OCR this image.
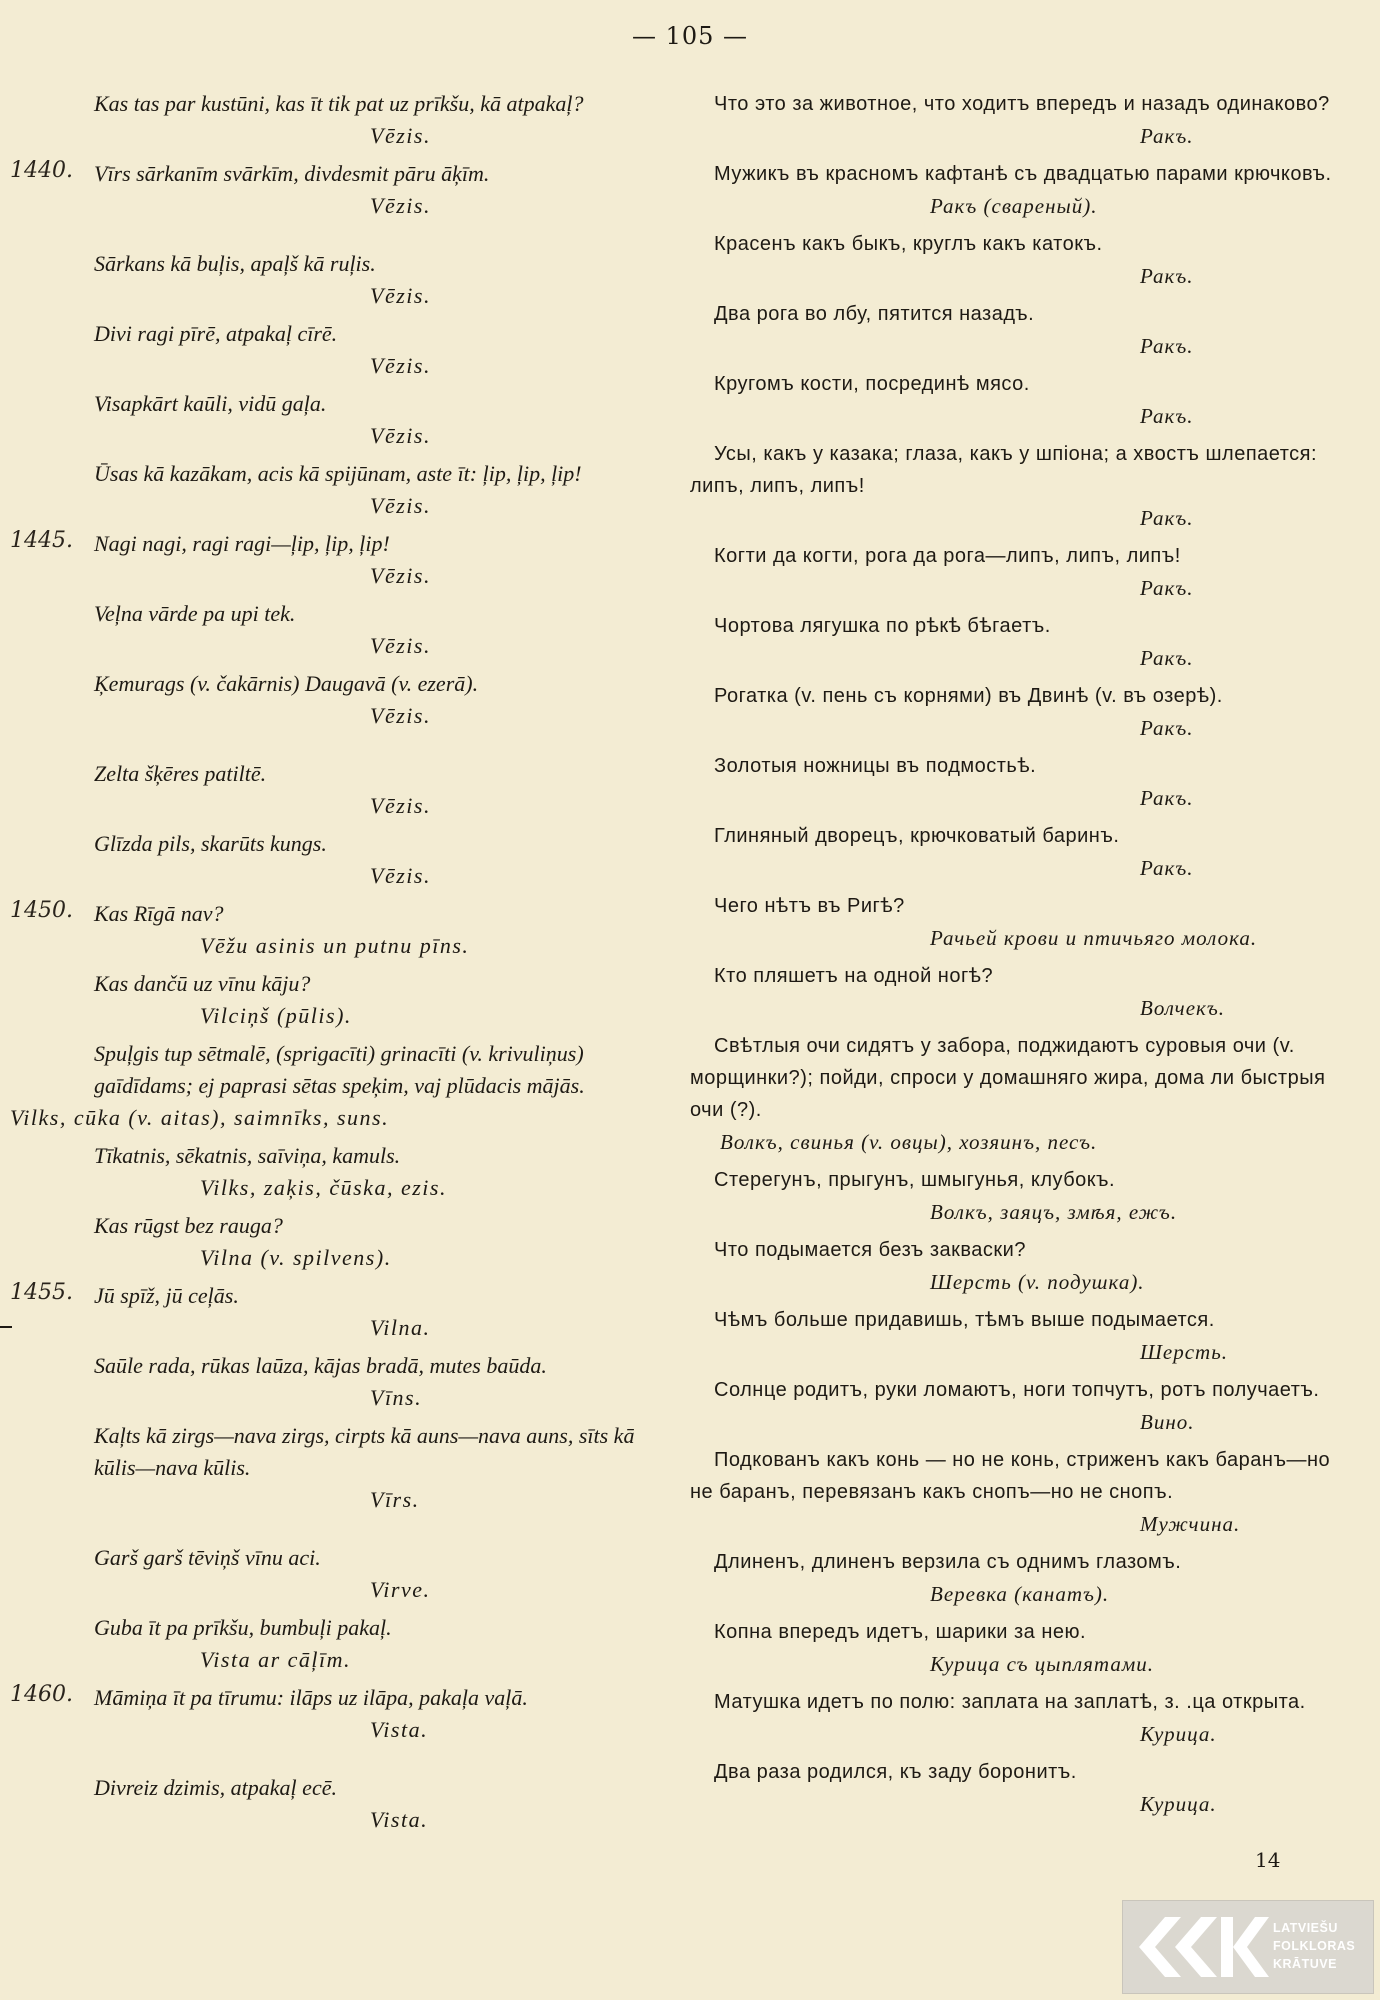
— 105 —
Kas tas par kustūni, kas īt tik pat uz prīkšu, kā atpakaļ?
Vēzis.
1440. Vīrs sārkanīm svārkīm, divdesmit pāru āķīm.
Vēzis.
Sārkans kā buļis, apaļš kā ruļis.
Vēzis.
Divi ragi pīrē, atpakaļ cīrē.
Vēzis.
Visapkārt kaūli, vidū gaļa.
Vēzis.
Ūsas kā kazākam, acis kā spijūnam, aste īt: ļip, ļip, ļip!
Vēzis.
1445. Nagi nagi, ragi ragi—ļip, ļip, ļip!
Vēzis.
Veļna vārde pa upi tek.
Vēzis.
Ķemurags (v. čakārnis) Daugavā (v. ezerā).
Vēzis.
Zelta šķēres patiltē.
Vēzis.
Glīzda pils, skarūts kungs.
Vēzis.
1450. Kas Rīgā nav?
Vēžu asinis un putnu pīns.
Kas dančū uz vīnu kāju?
Vilciņš (pūlis).
Spuļgis tup sētmalē, (sprigacīti) grinacīti (v. krivuliņus) gaīdīdams; ej paprasi sētas speķim, vaj plūdacis mājās.
Vilks, cūka (v. aitas), saimnīks, suns.
Tīkatnis, sēkatnis, saīviņa, kamuls.
Vilks, zaķis, čūska, ezis.
Kas rūgst bez rauga?
Vilna (v. spilvens).
1455. Jū spīž, jū ceļās.
Vilna.
Saūle rada, rūkas laūza, kājas bradā, mutes baūda.
Vīns.
Kaļts kā zirgs—nava zirgs, cirpts kā auns—nava auns, sīts kā kūlis—nava kūlis.
Vīrs.
Garš garš tēviņš vīnu aci.
Virve.
Guba īt pa prīkšu, bumbuļi pakaļ.
Vista ar cāļīm.
1460. Māmiņa īt pa tīrumu: ilāps uz ilāpa, pakaļa vaļā.
Vista.
Divreiz dzimis, atpakaļ ecē.
Vista.
Что это за животное, что ходитъ впередъ и назадъ одинаково?
Ракъ.
Мужикъ въ красномъ кафтанѣ съ двадцатью парами крючковъ.
Ракъ (свареный).
Красенъ какъ быкъ, круглъ какъ катокъ.
Ракъ.
Два рога во лбу, пятится назадъ.
Ракъ.
Кругомъ кости, посрединѣ мясо.
Ракъ.
Усы, какъ у казака; глаза, какъ у шпіона; а хвостъ шлепается: липъ, липъ, липъ!
Ракъ.
Когти да когти, рога да рога—липъ, липъ, липъ!
Ракъ.
Чортова лягушка по рѣкѣ бѣгаетъ.
Ракъ.
Рогатка (v. пень съ корнями) въ Двинѣ (v. въ озерѣ).
Ракъ.
Золотыя ножницы въ подмостьѣ.
Ракъ.
Глиняный дворецъ, крючковатый баринъ.
Ракъ.
Чего нѣтъ въ Ригѣ?
Рачьей крови и птичьяго молока.
Кто пляшетъ на одной ногѣ?
Волчекъ.
Свѣтлыя очи сидятъ у забора, поджидаютъ суровыя очи (v. морщинки?); пойди, спроси у домашняго жира, дома ли быстрыя очи (?).
Волкъ, свинья (v. овцы), хозяинъ, песъ.
Стерегунъ, прыгунъ, шмыгунья, клубокъ.
Волкъ, заяцъ, змѣя, ежъ.
Что подымается безъ закваски?
Шерсть (v. подушка).
Чѣмъ больше придавишь, тѣмъ выше подымается.
Шерсть.
Солнце родитъ, руки ломаютъ, ноги топчутъ, ротъ получаетъ.
Вино.
Подкованъ какъ конь — но не конь, стриженъ какъ баранъ—но не баранъ, перевязанъ какъ снопъ—но не снопъ.
Мужчина.
Длиненъ, длиненъ верзила съ однимъ глазомъ.
Веревка (канатъ).
Копна впередъ идетъ, шарики за нею.
Курица съ цыплятами.
Матушка идетъ по полю: заплата на заплатѣ, з. .ца открыта.
Курица.
Два раза родился, къ заду боронитъ.
Курица.
14
LATVIEŠU
FOLKLORAS
KRĀTUVE
